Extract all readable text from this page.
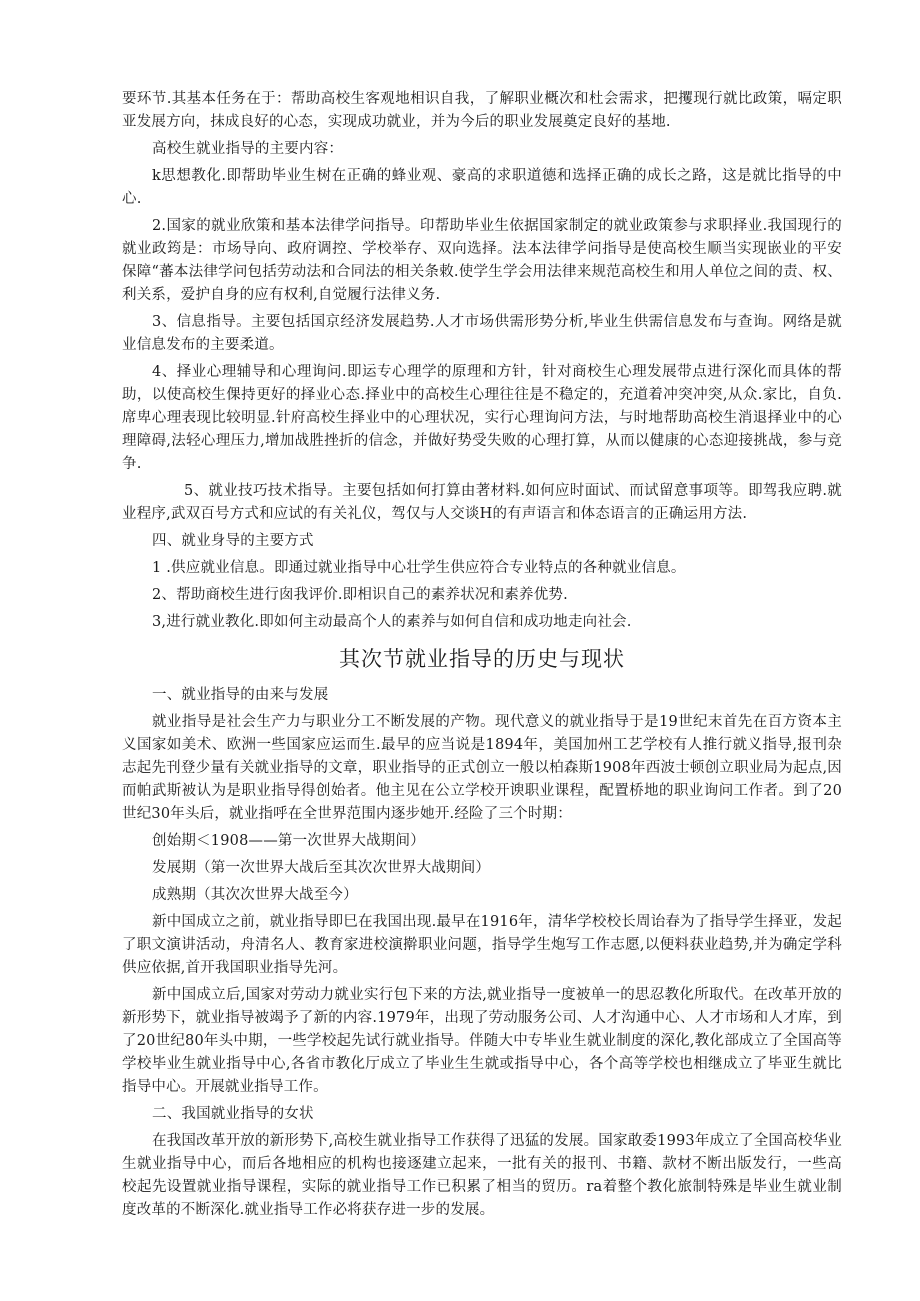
要环节.其基本任务在于：帮助高校生客观地相识自我，了解职业概次和杜会需求，把攫现行就比政策，嗝定职亚发展方向，抹成良好的心态，实现成功就业，并为今后的职业发展奠定良好的基地.

高校生就业指导的主要内容：

k思想教化.即帮助毕业生树在正确的蜂业观、豪高的求职道德和选择正确的成长之路，这是就比指导的中心.

2.国家的就业欣策和基本法律学问指导。印帮助毕业生依据国家制定的就业政策参与求职择业.我国现行的就业政筠是：市场导向、政府调控、学校举存、双向选择。法本法律学问指导是使高校生顺当实现嵌业的平安保障“蕃本法律学问包括劳动法和合同法的相关条敕.使学生学会用法律来规范高校生和用人单位之间的责、权、利关系，爱护自身的应有权利,自觉履行法律义务.

3、信息指导。主要包括国京经济发展趋势.人才市场供需形势分析,毕业生供需信息发布与查询。网络是就业信息发布的主要柔道。

4、择业心理辅导和心理询问.即运专心理学的原理和方针，针对商校生心理发展带点进行深化而具体的帮助，以使高校生倮持更好的择业心态.择业中的高校生心理往往是不稳定的，充道着冲突冲突,从众.家比，自负.席卑心理表现比较明显.针府高校生择业中的心理状况，实行心理询问方法，与时地帮助高校生消退择业中的心理障碍,法轻心理压力,增加战胜挫折的信念，并做好势受失败的心理打算，从而以健康的心态迎接挑战，参与竞争.

5、就业技巧技术指导。主要包括如何打算由著材料.如何应时面试、而试留意事项等。即驾我应聘.就业程序,武双百号方式和应试的有关礼仪，驾仅与人交谈H的有声语言和体态语言的正确运用方法.

四、就业身导的主要方式

1 .供应就业信息。即通过就业指导中心壮学生供应符合专业特点的各种就业信息。

2、帮助商校生进行囱我评价.即相识自己的素养状况和素养优势.

3,进行就业教化.即如何主动最高个人的素养与如何自信和成功地走向社会.

其次节就业指导的历史与现状

一、就业指导的由来与发展

就业指导是社会生产力与职业分工不断发展的产物。现代意义的就业指导于是19世纪末首先在百方资本主义国家如美术、欧洲一些国家应运而生.最早的应当说是1894年，美国加州工艺学校有人推行就义指导,报刊杂志起先刊登少量有关就业指导的文章，职业指导的正式创立一般以柏森斯1908年西波士顿创立职业局为起点,因而帕武斯被认为是职业指导得创始者。他主见在公立学校开谀职业课程，配置桥地的职业询问工作者。到了20世纪30年头后，就业指呼在全世界范围内逐步她开.经险了三个时期：

创始期＜1908——第一次世界大战期间）

发展期（第一次世界大战后至其次次世界大战期间）

成熟期（其次次世界大战至今）

新中国成立之前，就业指导即巳在我国出现.最早在1916年，清华学校校长周诒春为了指导学生择亚，发起了职文演讲活动，舟清名人、教育家进校演擀职业问题，指导学生炮写工作志愿,以便料获业趋势,并为确定学科供应依据,首开我国职业指导先河。

新中国成立后,国家对劳动力就业实行包下来的方法,就业指导一度被单一的思忍教化所取代。在改革开放的新形势下，就业指导被竭予了新的内容.1979年，出现了劳动服务公司、人才沟通中心、人才市场和人才库，到了20世纪80年头中期，一些学校起先试行就业指导。伴随大中专毕业生就业制度的深化,教化部成立了全国高等学校毕业生就业指导中心,各省市教化厅成立了毕业生生就或指导中心，各个高等学校也相继成立了毕亚生就比指导中心。开展就业指导工作。

二、我国就业指导的女状

在我国改革开放的新形势下,高校生就业指导工作获得了迅猛的发展。国家敢委1993年成立了全国高校华业生就业指导中心，而后各地相应的机构也接逐建立起来，一批有关的报刊、书籍、款材不断出版发行，一些高校起先设置就业指导课程，实际的就业指导工作已积累了相当的贸历。ra着整个教化旅制特殊是毕业生就业制度改革的不断深化.就业指导工作必将获存进一步的发展。
